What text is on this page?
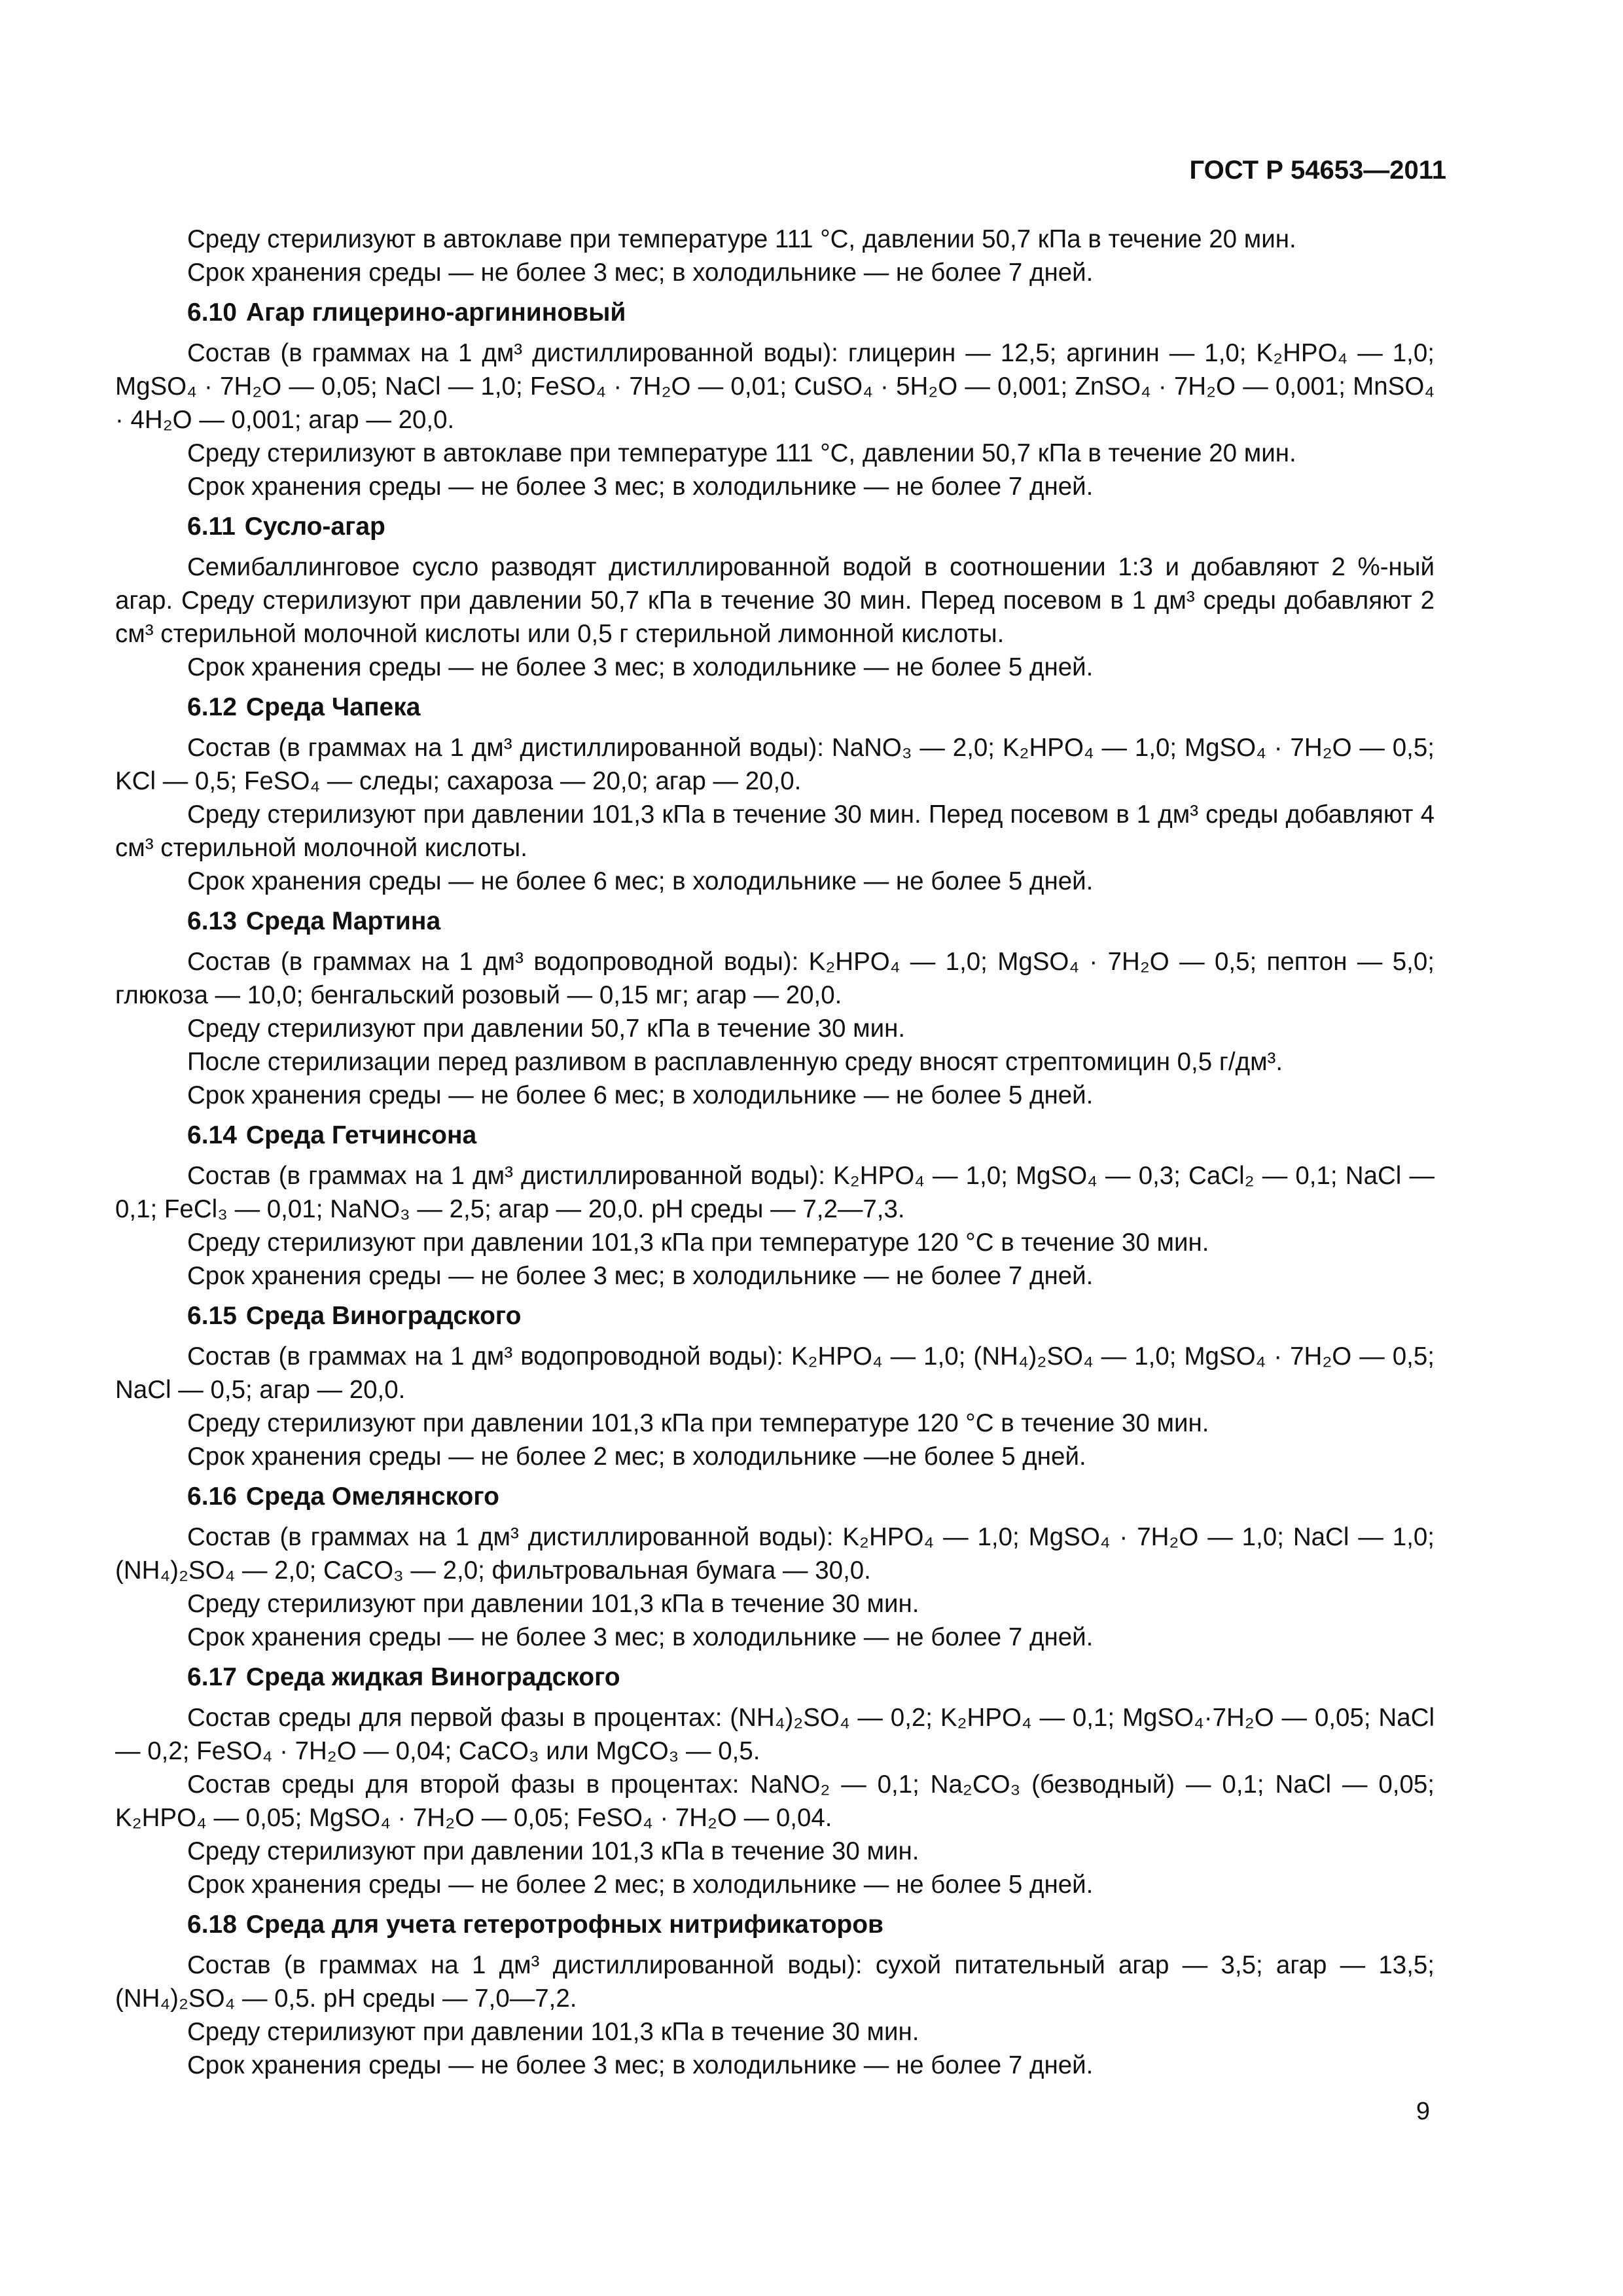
ГОСТ Р 54653—2011

Среду стерилизуют в автоклаве при температуре 111 °С, давлении 50,7 кПа в течение 20 мин.

Срок хранения среды — не более 3 мес; в холодильнике — не более 7 дней.

6.10 Агар глицерино-аргининовый

Состав (в граммах на 1 дм³ дистиллированной воды): глицерин — 12,5; аргинин — 1,0; K₂HPO₄ — 1,0; MgSO₄ · 7H₂O — 0,05; NaCl — 1,0; FeSO₄ · 7H₂O — 0,01; CuSO₄ · 5H₂O — 0,001; ZnSO₄ · 7H₂O — 0,001; MnSO₄ · 4H₂O — 0,001; агар — 20,0.

Среду стерилизуют в автоклаве при температуре 111 °С, давлении 50,7 кПа в течение 20 мин.

Срок хранения среды — не более 3 мес; в холодильнике — не более 7 дней.

6.11 Сусло-агар

Семибаллинговое сусло разводят дистиллированной водой в соотношении 1:3 и добавляют 2 %-ный агар. Среду стерилизуют при давлении 50,7 кПа в течение 30 мин. Перед посевом в 1 дм³ среды добавляют 2 см³ стерильной молочной кислоты или 0,5 г стерильной лимонной кислоты.

Срок хранения среды — не более 3 мес; в холодильнике — не более 5 дней.

6.12 Среда Чапека

Состав (в граммах на 1 дм³ дистиллированной воды): NaNO₃ — 2,0; K₂HPO₄ — 1,0; MgSO₄ · 7H₂O — 0,5; KCl — 0,5; FeSO₄ — следы; сахароза — 20,0; агар — 20,0.

Среду стерилизуют при давлении 101,3 кПа в течение 30 мин. Перед посевом в 1 дм³ среды добавляют 4 см³ стерильной молочной кислоты.

Срок хранения среды — не более 6 мес; в холодильнике — не более 5 дней.

6.13 Среда Мартина

Состав (в граммах на 1 дм³ водопроводной воды): K₂HPO₄ — 1,0; MgSO₄ · 7H₂O — 0,5; пептон — 5,0; глюкоза — 10,0; бенгальский розовый — 0,15 мг; агар — 20,0.

Среду стерилизуют при давлении 50,7 кПа в течение 30 мин.

После стерилизации перед разливом в расплавленную среду вносят стрептомицин 0,5 г/дм³.

Срок хранения среды — не более 6 мес; в холодильнике — не более 5 дней.

6.14 Среда Гетчинсона

Состав (в граммах на 1 дм³ дистиллированной воды): K₂HPO₄ — 1,0; MgSO₄ — 0,3; CaCl₂ — 0,1; NaCl — 0,1; FeCl₃ — 0,01; NaNO₃ — 2,5; агар — 20,0. pH среды — 7,2—7,3.

Среду стерилизуют при давлении 101,3 кПа при температуре 120 °С в течение 30 мин.

Срок хранения среды — не более 3 мес; в холодильнике — не более 7 дней.

6.15 Среда Виноградского

Состав (в граммах на 1 дм³ водопроводной воды): K₂HPO₄ — 1,0; (NH₄)₂SO₄ — 1,0; MgSO₄ · 7H₂O — 0,5; NaCl — 0,5; агар — 20,0.

Среду стерилизуют при давлении 101,3 кПа при температуре 120 °С в течение 30 мин.

Срок хранения среды — не более 2 мес; в холодильнике —не более 5 дней.

6.16 Среда Омелянского

Состав (в граммах на 1 дм³ дистиллированной воды): K₂HPO₄ — 1,0; MgSO₄ · 7H₂O — 1,0; NaCl — 1,0; (NH₄)₂SO₄ — 2,0; CaCO₃ — 2,0; фильтровальная бумага — 30,0.

Среду стерилизуют при давлении 101,3 кПа в течение 30 мин.

Срок хранения среды — не более 3 мес; в холодильнике — не более 7 дней.

6.17 Среда жидкая Виноградского

Состав среды для первой фазы в процентах: (NH₄)₂SO₄ — 0,2; K₂HPO₄ — 0,1; MgSO₄·7H₂O — 0,05; NaCl — 0,2; FeSO₄ · 7H₂O — 0,04; CaCO₃ или MgCO₃ — 0,5.

Состав среды для второй фазы в процентах: NaNO₂ — 0,1; Na₂CO₃ (безводный) — 0,1; NaCl — 0,05; K₂HPO₄ — 0,05; MgSO₄ · 7H₂O — 0,05; FeSO₄ · 7H₂O — 0,04.

Среду стерилизуют при давлении 101,3 кПа в течение 30 мин.

Срок хранения среды — не более 2 мес; в холодильнике — не более 5 дней.

6.18 Среда для учета гетеротрофных нитрификаторов

Состав (в граммах на 1 дм³ дистиллированной воды): сухой питательный агар — 3,5; агар — 13,5; (NH₄)₂SO₄ — 0,5. pH среды — 7,0—7,2.

Среду стерилизуют при давлении 101,3 кПа в течение 30 мин.

Срок хранения среды — не более 3 мес; в холодильнике — не более 7 дней.

9
